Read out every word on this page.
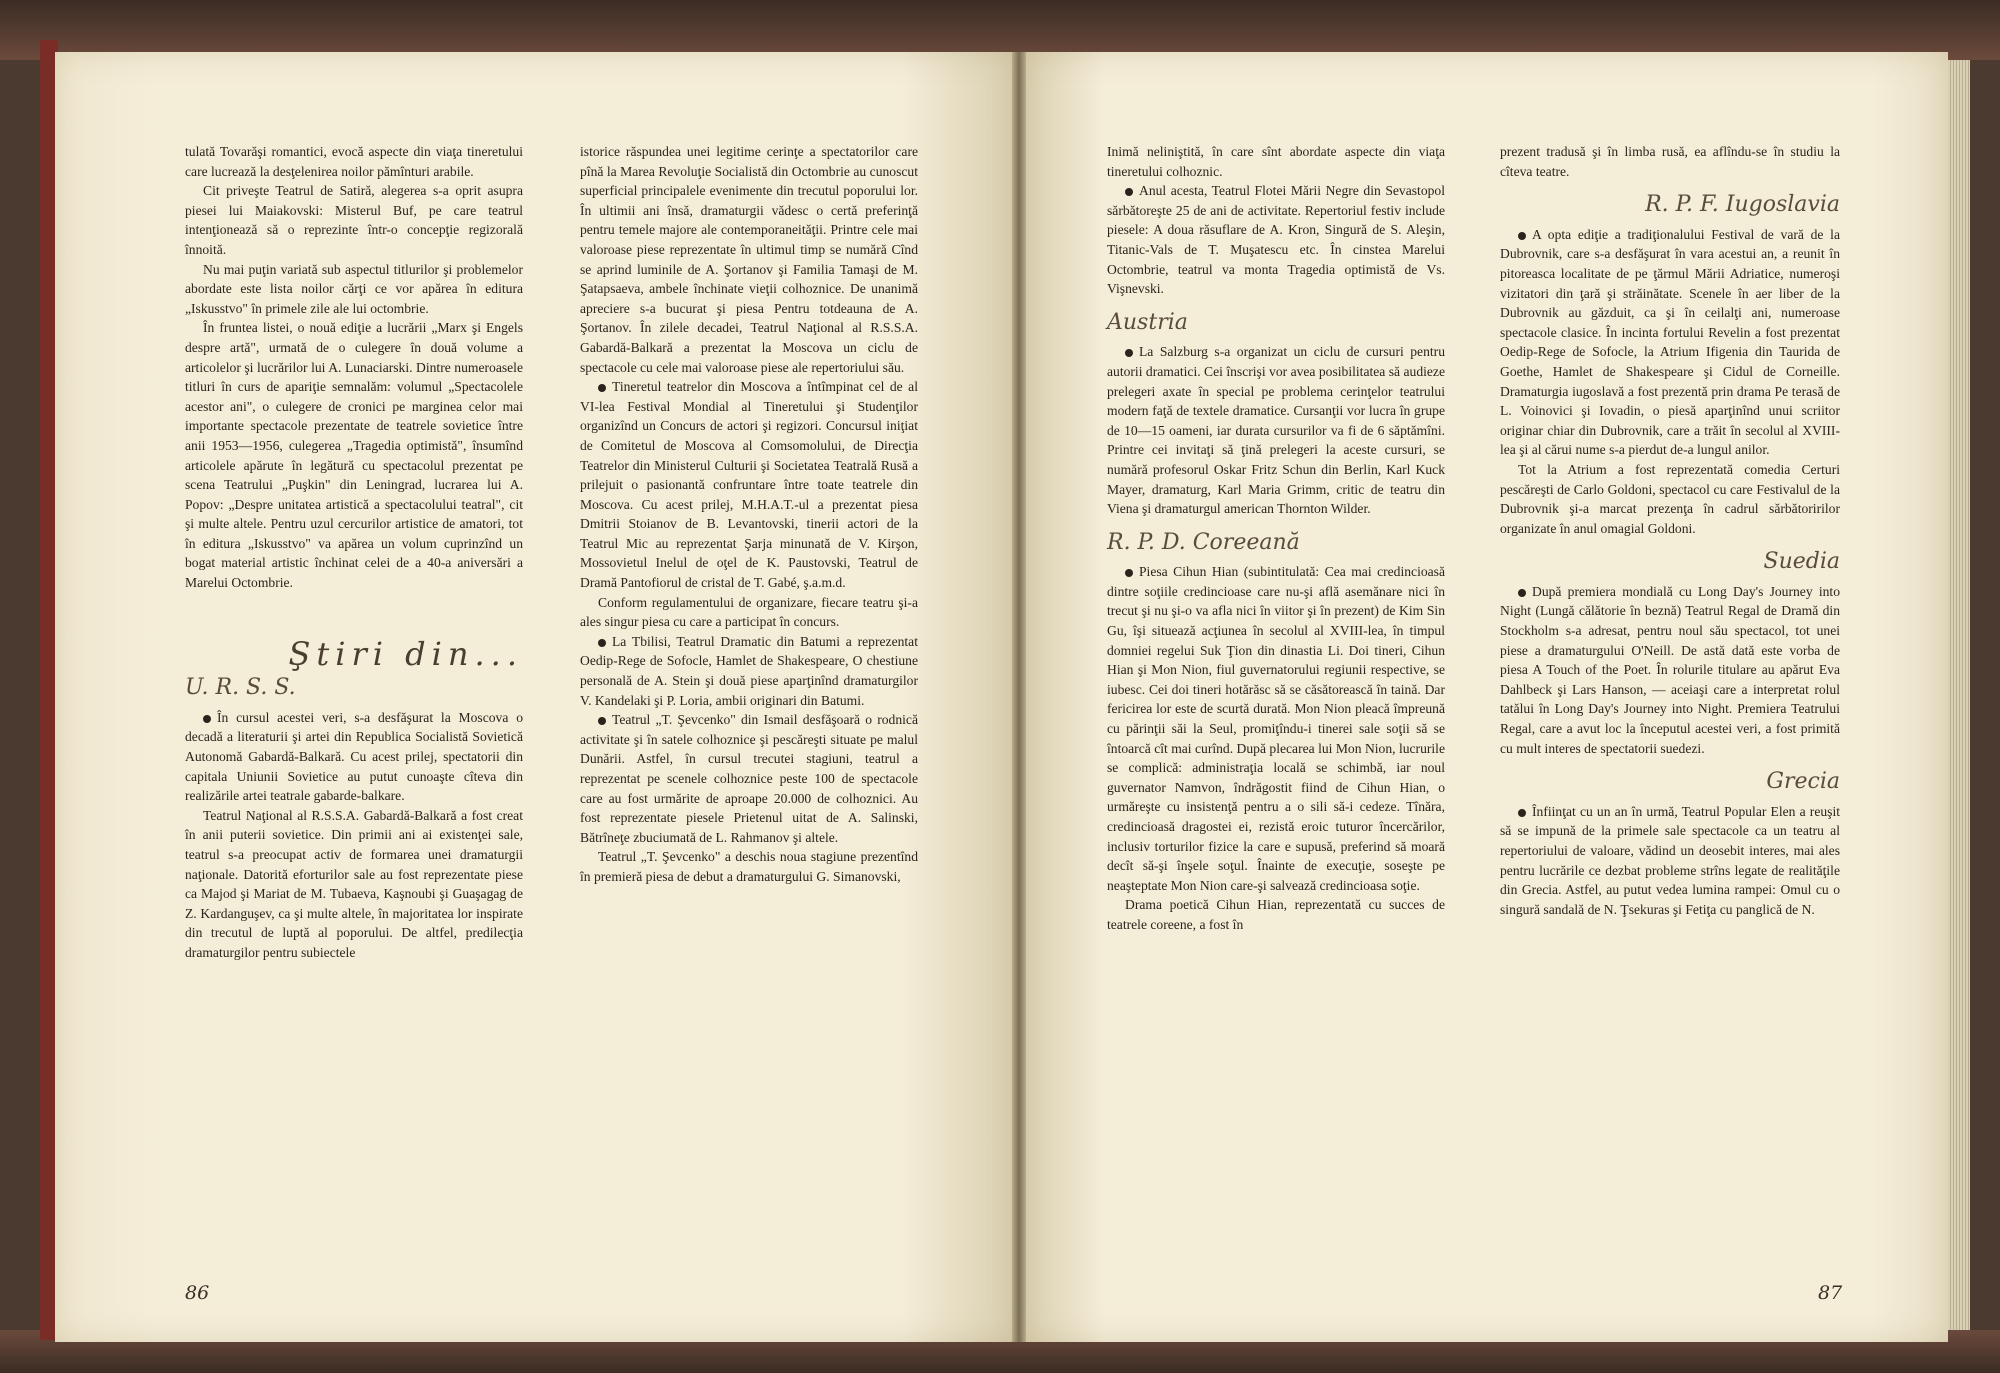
tulată Tovarăşi romantici, evocă aspecte din viaţa tineretului care lucrează la desţelenirea noilor pămînturi arabile.

Cit priveşte Teatrul de Satiră, alegerea s-a oprit asupra piesei lui Maiakovski: Misterul Buf, pe care teatrul intenţionează să o reprezinte într-o concepţie regizorală înnoită.

Nu mai puţin variată sub aspectul titlurilor şi problemelor abordate este lista noilor cărţi ce vor apărea în editura „Iskusstvo" în primele zile ale lui octombrie.

În fruntea listei, o nouă ediţie a lucrării „Marx şi Engels despre artă", urmată de o culegere în două volume a articolelor şi lucrărilor lui A. Lunaciarski. Dintre numeroasele titluri în curs de apariţie semnalăm: volumul „Spectacolele acestor ani", o culegere de cronici pe marginea celor mai importante spectacole prezentate de teatrele sovietice între anii 1953—1956, culegerea „Tragedia optimistă", însumînd articolele apărute în legătură cu spectacolul prezentat pe scena Teatrului „Puşkin" din Leningrad, lucrarea lui A. Popov: „Despre unitatea artistică a spectacolului teatral", cit şi multe altele. Pentru uzul cercurilor artistice de amatori, tot în editura „Iskusstvo" va apărea un volum cuprinzînd un bogat material artistic închinat celei de a 40-a aniversări a Marelui Octombrie.

Ştiri din...
U. R. S. S.

În cursul acestei veri, s-a desfăşurat la Moscova o decadă a literaturii şi artei din Republica Socialistă Sovietică Autonomă Gabardă-Balkară. Cu acest prilej, spectatorii din capitala Uniunii Sovietice au putut cunoaşte cîteva din realizările artei teatrale gabarde-balkare.

Teatrul Naţional al R.S.S.A. Gabardă-Balkară a fost creat în anii puterii sovietice. Din primii ani ai existenţei sale, teatrul s-a preocupat activ de formarea unei dramaturgii naţionale. Datorită eforturilor sale au fost reprezentate piese ca Majod şi Mariat de M. Tubaeva, Kaşnoubi şi Guaşagag de Z. Kardanguşev, ca şi multe altele, în majoritatea lor inspirate din trecutul de luptă al poporului. De altfel, predilecţia dramaturgilor pentru subiectele

istorice răspundea unei legitime cerinţe a spectatorilor care pînă la Marea Revoluţie Socialistă din Octombrie au cunoscut superficial principalele evenimente din trecutul poporului lor. În ultimii ani însă, dramaturgii vădesc o certă preferinţă pentru temele majore ale contemporaneităţii. Printre cele mai valoroase piese reprezentate în ultimul timp se numără Cînd se aprind luminile de A. Şortanov şi Familia Tamaşi de M. Şatapsaeva, ambele închinate vieţii colhoznice. De unanimă apreciere s-a bucurat şi piesa Pentru totdeauna de A. Şortanov. În zilele decadei, Teatrul Naţional al R.S.S.A. Gabardă-Balkară a prezentat la Moscova un ciclu de spectacole cu cele mai valoroase piese ale repertoriului său.

Tineretul teatrelor din Moscova a întîmpinat cel de al VI-lea Festival Mondial al Tineretului şi Studenţilor organizînd un Concurs de actori şi regizori. Concursul iniţiat de Comitetul de Moscova al Comsomolului, de Direcţia Teatrelor din Ministerul Culturii şi Societatea Teatrală Rusă a prilejuit o pasionantă confruntare între toate teatrele din Moscova. Cu acest prilej, M.H.A.T.-ul a prezentat piesa Dmitrii Stoianov de B. Levantovski, tinerii actori de la Teatrul Mic au reprezentat Şarja minunată de V. Kirşon, Mossovietul Inelul de oţel de K. Paustovski, Teatrul de Dramă Pantofiorul de cristal de T. Gabé, ş.a.m.d.

Conform regulamentului de organizare, fiecare teatru şi-a ales singur piesa cu care a participat în concurs.

La Tbilisi, Teatrul Dramatic din Batumi a reprezentat Oedip-Rege de Sofocle, Hamlet de Shakespeare, O chestiune personală de A. Stein şi două piese aparţinînd dramaturgilor V. Kandelaki şi P. Loria, ambii originari din Batumi.

Teatrul „T. Şevcenko" din Ismail desfăşoară o rodnică activitate şi în satele colhoznice şi pescăreşti situate pe malul Dunării. Astfel, în cursul trecutei stagiuni, teatrul a reprezentat pe scenele colhoznice peste 100 de spectacole care au fost urmărite de aproape 20.000 de colhoznici. Au fost reprezentate piesele Prietenul uitat de A. Salinski, Bătrîneţe zbuciumată de L. Rahmanov şi altele.

Teatrul „T. Şevcenko" a deschis noua stagiune prezentînd în premieră piesa de debut a dramaturgului G. Simanovski,

86

Inimă neliniştită, în care sînt abordate aspecte din viaţa tineretului colhoznic.

Anul acesta, Teatrul Flotei Mării Negre din Sevastopol sărbătoreşte 25 de ani de activitate. Repertoriul festiv include piesele: A doua răsuflare de A. Kron, Singură de S. Aleşin, Titanic-Vals de T. Muşatescu etc. În cinstea Marelui Octombrie, teatrul va monta Tragedia optimistă de Vs. Vişnevski.

Austria

La Salzburg s-a organizat un ciclu de cursuri pentru autorii dramatici. Cei înscrişi vor avea posibilitatea să audieze prelegeri axate în special pe problema cerinţelor teatrului modern faţă de textele dramatice. Cursanţii vor lucra în grupe de 10—15 oameni, iar durata cursurilor va fi de 6 săptămîni. Printre cei invitaţi să ţină prelegeri la aceste cursuri, se numără profesorul Oskar Fritz Schun din Berlin, Karl Kuck Mayer, dramaturg, Karl Maria Grimm, critic de teatru din Viena şi dramaturgul american Thornton Wilder.

R. P. D. Coreeană

Piesa Cihun Hian (subintitulată: Cea mai credincioasă dintre soţiile credincioase care nu-şi află asemănare nici în trecut şi nu şi-o va afla nici în viitor şi în prezent) de Kim Sin Gu, îşi situează acţiunea în secolul al XVIII-lea, în timpul domniei regelui Suk Ţion din dinastia Li. Doi tineri, Cihun Hian şi Mon Nion, fiul guvernatorului regiunii respective, se iubesc. Cei doi tineri hotărăsc să se căsătorească în taină. Dar fericirea lor este de scurtă durată. Mon Nion pleacă împreună cu părinţii săi la Seul, promiţîndu-i tinerei sale soţii să se întoarcă cît mai curînd. După plecarea lui Mon Nion, lucrurile se complică: administraţia locală se schimbă, iar noul guvernator Namvon, îndrăgostit fiind de Cihun Hian, o urmăreşte cu insistenţă pentru a o sili să-i cedeze. Tînăra, credincioasă dragostei ei, rezistă eroic tuturor încercărilor, inclusiv torturilor fizice la care e supusă, preferind să moară decît să-şi înşele soţul. Înainte de execuţie, soseşte pe neaşteptate Mon Nion care-şi salvează credincioasa soţie.

Drama poetică Cihun Hian, reprezentată cu succes de teatrele coreene, a fost în

prezent tradusă şi în limba rusă, ea aflîndu-se în studiu la cîteva teatre.

R. P. F. Iugoslavia

A opta ediţie a tradiţionalului Festival de vară de la Dubrovnik, care s-a desfăşurat în vara acestui an, a reunit în pitoreasca localitate de pe ţărmul Mării Adriatice, numeroşi vizitatori din ţară şi străinătate. Scenele în aer liber de la Dubrovnik au găzduit, ca şi în ceilalţi ani, numeroase spectacole clasice. În incinta fortului Revelin a fost prezentat Oedip-Rege de Sofocle, la Atrium Ifigenia din Taurida de Goethe, Hamlet de Shakespeare şi Cidul de Corneille. Dramaturgia iugoslavă a fost prezentă prin drama Pe terasă de L. Voinovici şi Iovadin, o piesă aparţinînd unui scriitor originar chiar din Dubrovnik, care a trăit în secolul al XVIII-lea şi al cărui nume s-a pierdut de-a lungul anilor.

Tot la Atrium a fost reprezentată comedia Certuri pescăreşti de Carlo Goldoni, spectacol cu care Festivalul de la Dubrovnik şi-a marcat prezenţa în cadrul sărbătoririlor organizate în anul omagial Goldoni.

Suedia

După premiera mondială cu Long Day's Journey into Night (Lungă călătorie în beznă) Teatrul Regal de Dramă din Stockholm s-a adresat, pentru noul său spectacol, tot unei piese a dramaturgului O'Neill. De astă dată este vorba de piesa A Touch of the Poet. În rolurile titulare au apărut Eva Dahlbeck şi Lars Hanson, — aceiaşi care a interpretat rolul tatălui în Long Day's Journey into Night. Premiera Teatrului Regal, care a avut loc la începutul acestei veri, a fost primită cu mult interes de spectatorii suedezi.

Grecia

Înfiinţat cu un an în urmă, Teatrul Popular Elen a reuşit să se impună de la primele sale spectacole ca un teatru al repertoriului de valoare, vădind un deosebit interes, mai ales pentru lucrările ce dezbat probleme strîns legate de realităţile din Grecia. Astfel, au putut vedea lumina rampei: Omul cu o singură sandală de N. Ţsekuras şi Fetiţa cu panglică de N.

87
